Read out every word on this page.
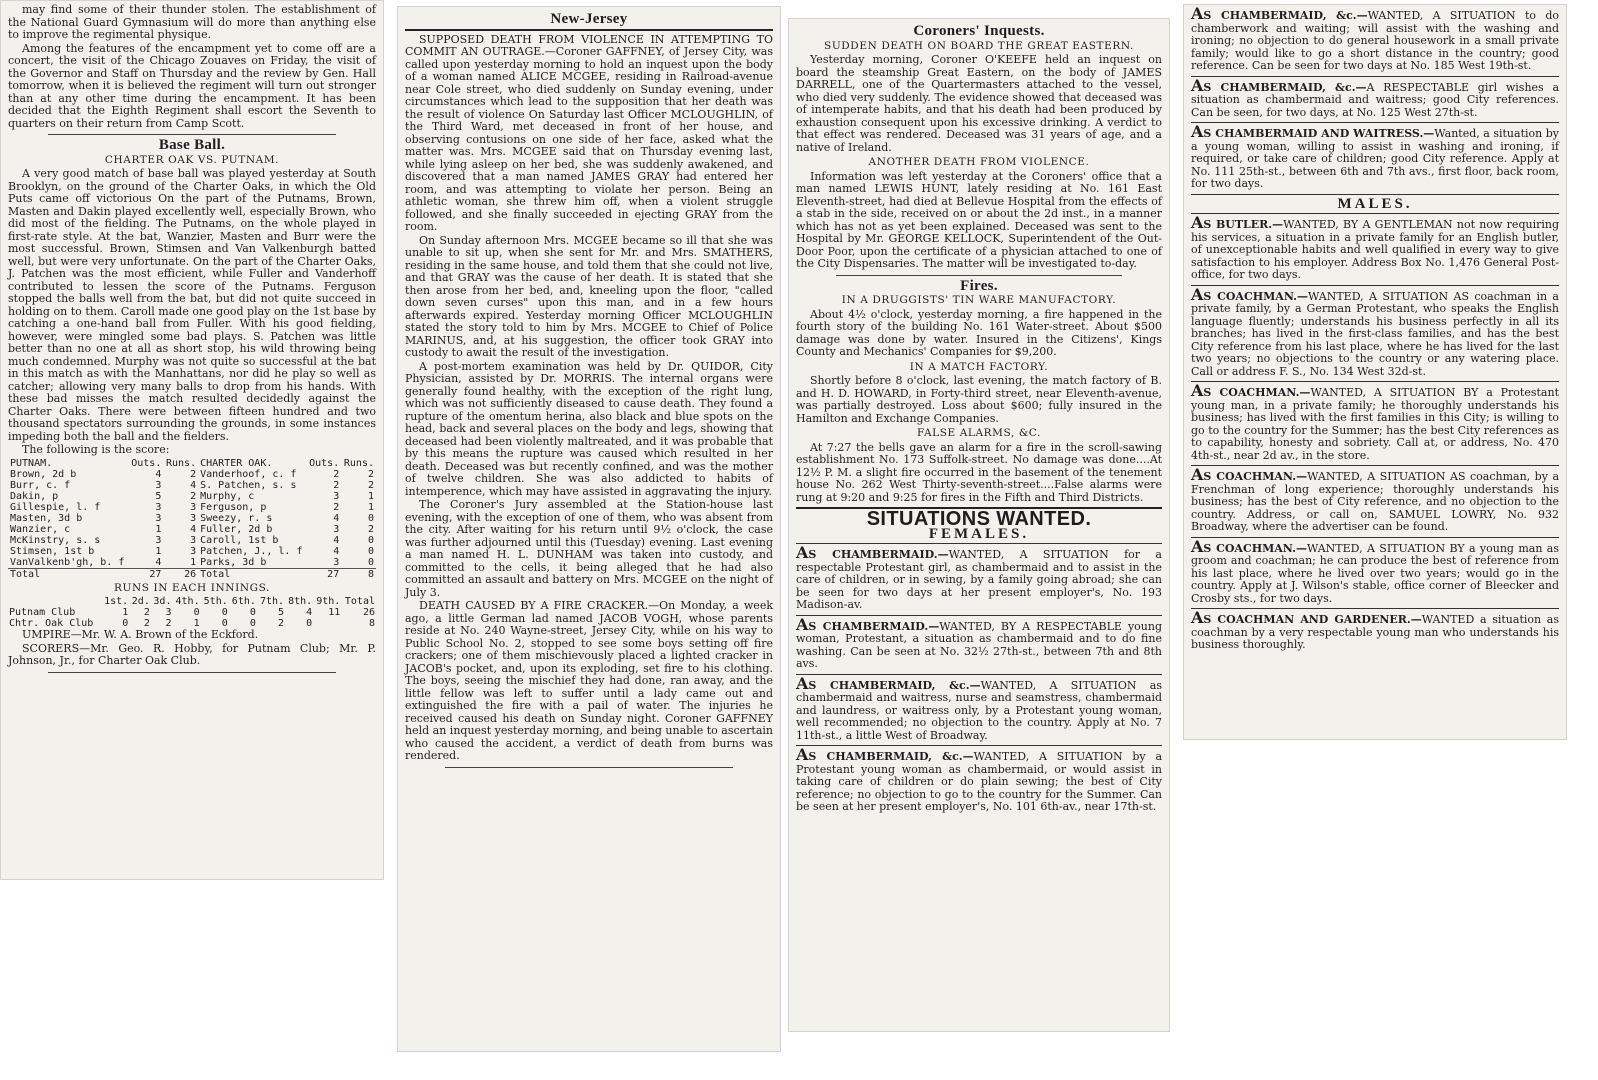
may find some of their thunder stolen. The establishment of the National Guard Gymnasium will do more than anything else to improve the regimental physique.

Among the features of the encampment yet to come off are a concert, the visit of the Chicago Zouaves on Friday, the visit of the Governor and Staff on Thursday and the review by Gen. Hall tomorrow, when it is believed the regiment will turn out stronger than at any other time during the encampment. It has been decided that the Eighth Regiment shall escort the Seventh to quarters on their return from Camp Scott.

Base Ball.
CHARTER OAK VS. PUTNAM.

A very good match of base ball was played yesterday at South Brooklyn, on the ground of the Charter Oaks, in which the Old Puts came off victorious On the part of the Putnams, Brown, Masten and Dakin played excellently well, especially Brown, who did most of the fielding. The Putnams, on the whole played in first-rate style. At the bat, Wanzier, Masten and Burr were the most successful. Brown, Stimsen and Van Valkenburgh batted well, but were very unfortunate. On the part of the Charter Oaks, J. Patchen was the most efficient, while Fuller and Vanderhoff contributed to lessen the score of the Putnams. Ferguson stopped the balls well from the bat, but did not quite succeed in holding on to them. Caroll made one good play on the 1st base by catching a one-hand ball from Fuller. With his good fielding, however, were mingled some bad plays. S. Patchen was little better than no one at all as short stop, his wild throwing being much condemned. Murphy was not quite so successful at the bat in this match as with the Manhattans, nor did he play so well as catcher; allowing very many balls to drop from his hands. With these bad misses the match resulted decidedly against the Charter Oaks. There were between fifteen hundred and two thousand spectators surrounding the grounds, in some instances impeding both the ball and the fielders.

The following is the score:

PUTNAM.	Outs.	Runs.	CHARTER OAK.	Outs.	Runs.
Brown, 2d b	4	2	Vanderhoof, c. f	2	2
Burr, c. f	3	4	S. Patchen, s. s	2	2
Dakin, p	5	2	Murphy, c	3	1
Gillespie, l. f	3	3	Ferguson, p	2	1
Masten, 3d b	3	3	Sweezy, r. s	4	0
Wanzier, c	1	4	Fuller, 2d b	3	2
McKinstry, s. s	3	3	Caroll, 1st b	4	0
Stimsen, 1st b	1	3	Patchen, J., l. f	4	0
VanValkenb'gh, b. f	4	1	Parks, 3d b	3	0
Total	27	26	Total	27	8
RUNS IN EACH INNINGS.
	1st.	2d.	3d.	4th.	5th.	6th.	7th.	8th.	9th.	Total
Putnam Club	1	2	3	0	0	0	5	4	11	26
Chtr. Oak Club	0	2	2	1	0	0	2	0		8

UMPIRE—Mr. W. A. Brown of the Eckford.

SCORERS—Mr. Geo. R. Hobby, for Putnam Club; Mr. P. Johnson, Jr., for Charter Oak Club.

New-Jersey

SUPPOSED DEATH FROM VIOLENCE IN ATTEMPTING TO COMMIT AN OUTRAGE.—Coroner GAFFNEY, of Jersey City, was called upon yesterday morning to hold an inquest upon the body of a woman named ALICE MCGEE, residing in Railroad-avenue near Cole street, who died suddenly on Sunday evening, under circumstances which lead to the supposition that her death was the result of violence On Saturday last Officer MCLOUGHLIN, of the Third Ward, met deceased in front of her house, and observing contusions on one side of her face, asked what the matter was. Mrs. MCGEE said that on Thursday evening last, while lying asleep on her bed, she was suddenly awakened, and discovered that a man named JAMES GRAY had entered her room, and was attempting to violate her person. Being an athletic woman, she threw him off, when a violent struggle followed, and she finally succeeded in ejecting GRAY from the room.

On Sunday afternoon Mrs. MCGEE became so ill that she was unable to sit up, when she sent for Mr. and Mrs. SMATHERS, residing in the same house, and told them that she could not live, and that GRAY was the cause of her death. It is stated that she then arose from her bed, and, kneeling upon the floor, "called down seven curses" upon this man, and in a few hours afterwards expired. Yesterday morning Officer MCLOUGHLIN stated the story told to him by Mrs. MCGEE to Chief of Police MARINUS, and, at his suggestion, the officer took GRAY into custody to await the result of the investigation.

A post-mortem examination was held by Dr. QUIDOR, City Physician, assisted by Dr. MORRIS. The internal organs were generally found healthy, with the exception of the right lung, which was not sufficiently diseased to cause death. They found a rupture of the omentum herina, also black and blue spots on the head, back and several places on the body and legs, showing that deceased had been violently maltreated, and it was probable that by this means the rupture was caused which resulted in her death. Deceased was but recently confined, and was the mother of twelve children. She was also addicted to habits of intemperence, which may have assisted in aggravating the injury.

The Coroner's Jury assembled at the Station-house last evening, with the exception of one of them, who was absent from the city. After waiting for his return until 9½ o'clock, the case was further adjourned until this (Tuesday) evening. Last evening a man named H. L. DUNHAM was taken into custody, and committed to the cells, it being alleged that he had also committed an assault and battery on Mrs. MCGEE on the night of July 3.

DEATH CAUSED BY A FIRE CRACKER.—On Monday, a week ago, a little German lad named JACOB VOGH, whose parents reside at No. 240 Wayne-street, Jersey City, while on his way to Public School No. 2, stopped to see some boys setting off fire crackers; one of them mischievously placed a lighted cracker in JACOB's pocket, and, upon its exploding, set fire to his clothing. The boys, seeing the mischief they had done, ran away, and the little fellow was left to suffer until a lady came out and extinguished the fire with a pail of water. The injuries he received caused his death on Sunday night. Coroner GAFFNEY held an inquest yesterday morning, and being unable to ascertain who caused the accident, a verdict of death from burns was rendered.

Coroners' Inquests.
SUDDEN DEATH ON BOARD THE GREAT EASTERN.

Yesterday morning, Coroner O'KEEFE held an inquest on board the steamship Great Eastern, on the body of JAMES DARRELL, one of the Quartermasters attached to the vessel, who died very suddenly. The evidence showed that deceased was of intemperate habits, and that his death had been produced by exhaustion consequent upon his excessive drinking. A verdict to that effect was rendered. Deceased was 31 years of age, and a native of Ireland.

ANOTHER DEATH FROM VIOLENCE.

Information was left yesterday at the Coroners' office that a man named LEWIS HUNT, lately residing at No. 161 East Eleventh-street, had died at Bellevue Hospital from the effects of a stab in the side, received on or about the 2d inst., in a manner which has not as yet been explained. Deceased was sent to the Hospital by Mr. GEORGE KELLOCK, Superintendent of the Out-Door Poor, upon the certificate of a physician attached to one of the City Dispensaries. The matter will be investigated to-day.

Fires.
IN A DRUGGISTS' TIN WARE MANUFACTORY.

About 4½ o'clock, yesterday morning, a fire happened in the fourth story of the building No. 161 Water-street. About $500 damage was done by water. Insured in the Citizens', Kings County and Mechanics' Companies for $9,200.

IN A MATCH FACTORY.

Shortly before 8 o'clock, last evening, the match factory of B. and H. D. HOWARD, in Forty-third street, near Eleventh-avenue, was partially destroyed. Loss about $600; fully insured in the Hamilton and Exchange Companies.

FALSE ALARMS, &C.

At 7:27 the bells gave an alarm for a fire in the scroll-sawing establishment No. 173 Suffolk-street. No damage was done....At 12½ P. M. a slight fire occurred in the basement of the tenement house No. 262 West Thirty-seventh-street....False alarms were rung at 9:20 and 9:25 for fires in the Fifth and Third Districts.

SITUATIONS WANTED.
FEMALES.

AS CHAMBERMAID.—WANTED, A SITUATION for a respectable Protestant girl, as chambermaid and to assist in the care of children, or in sewing, by a family going abroad; she can be seen for two days at her present employer's, No. 193 Madison-av.

AS CHAMBERMAID.—WANTED, BY A RESPECTABLE young woman, Protestant, a situation as chambermaid and to do fine washing. Can be seen at No. 32½ 27th-st., between 7th and 8th avs.

AS CHAMBERMAID, &c.—WANTED, A SITUATION as chambermaid and waitress, nurse and seamstress, chambermaid and laundress, or waitress only, by a Protestant young woman, well recommended; no objection to the country. Apply at No. 7 11th-st., a little West of Broadway.

AS CHAMBERMAID, &c.—WANTED, A SITUATION by a Protestant young woman as chambermaid, or would assist in taking care of children or do plain sewing; the best of City reference; no objection to go to the country for the Summer. Can be seen at her present employer's, No. 101 6th-av., near 17th-st.

AS CHAMBERMAID, &c.—WANTED, A SITUATION to do chamberwork and waiting; will assist with the washing and ironing; no objection to do general housework in a small private family; would like to go a short distance in the country; good reference. Can be seen for two days at No. 185 West 19th-st.

AS CHAMBERMAID, &c.—A RESPECTABLE girl wishes a situation as chambermaid and waitress; good City references. Can be seen, for two days, at No. 125 West 27th-st.

AS CHAMBERMAID AND WAITRESS.—Wanted, a situation by a young woman, willing to assist in washing and ironing, if required, or take care of children; good City reference. Apply at No. 111 25th-st., between 6th and 7th avs., first floor, back room, for two days.

MALES.

AS BUTLER.—WANTED, BY A GENTLEMAN not now requiring his services, a situation in a private family for an English butler, of unexceptionable habits and well qualified in every way to give satisfaction to his employer. Address Box No. 1,476 General Post-office, for two days.

AS COACHMAN.—WANTED, A SITUATION AS coachman in a private family, by a German Protestant, who speaks the English language fluently; understands his business perfectly in all its branches; has lived in the first-class families, and has the best City reference from his last place, where he has lived for the last two years; no objections to the country or any watering place. Call or address F. S., No. 134 West 32d-st.

AS COACHMAN.—WANTED, A SITUATION BY a Protestant young man, in a private family; he thoroughly understands his business; has lived with the first families in this City; is willing to go to the country for the Summer; has the best City references as to capability, honesty and sobriety. Call at, or address, No. 470 4th-st., near 2d av., in the store.

AS COACHMAN.—WANTED, A SITUATION AS coachman, by a Frenchman of long experience; thoroughly understands his business; has the best of City reference, and no objection to the country. Address, or call on, SAMUEL LOWRY, No. 932 Broadway, where the advertiser can be found.

AS COACHMAN.—WANTED, A SITUATION BY a young man as groom and coachman; he can produce the best of reference from his last place, where he lived over two years; would go in the country. Apply at J. Wilson's stable, office corner of Bleecker and Crosby sts., for two days.

AS COACHMAN AND GARDENER.—WANTED a situation as coachman by a very respectable young man who understands his business thoroughly.
